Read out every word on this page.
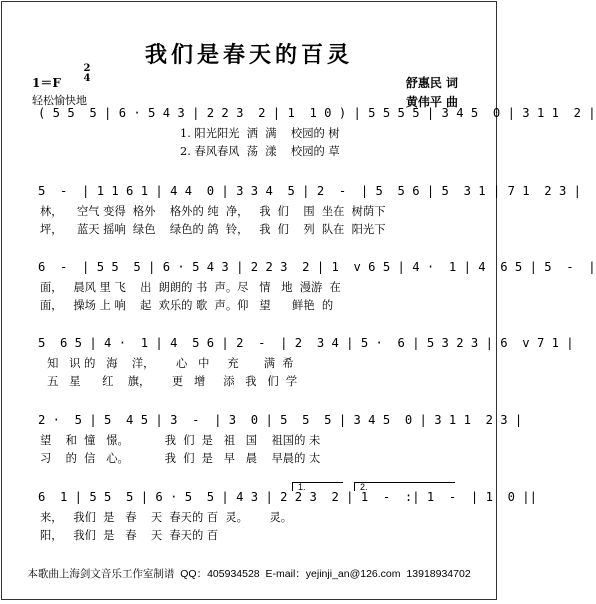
我们是春天的百灵
1＝F
2
4
轻松愉快地
舒惠民 词
黄伟平 曲
( 5 5  5 | 6 · 5 4 3 | 2 2 3  2 | 1  1 0 ) | 5 5 5 5 | 3 4 5  0 | 3 1 1  2 |
1. 阳光阳光  洒  满    校园的 树
2. 春风春风  荡  漾    校园的 草
5  -  | 1 1 6 1 | 4 4  0 | 3 3 4  5 | 2  -  | 5  5 6 | 5  3 1 | 7 1  2 3 |
林，    空气 变得  格外    格外的 纯  净，   我  们    围  坐在  树荫下
坪，    蓝天 摇响  绿色    绿色的 鸽  铃，   我  们    列  队在  阳光下
6  -  | 5 5  5 | 6 · 5 4 3 | 2 2 3  2 | 1  v 6 5 | 4 ·  1 | 4  6 5 | 5  -  |
面，   晨风 里 飞    出  朗朗的 书  声。尽   情   地  漫游  在
面，   操场 上 响    起  欢乐的 歌  声。仰   望      鲜艳  的
5  6 5 | 4 ·  1 | 4  5 6 | 2  -  | 2  3 4 | 5 ·  6 | 5 3 2 3 | 6  v 7 1 |
知   识 的   海    洋，      心   中     充       满  希
五   星      红    旗，      更   增     添   我   们  学
2 ·  5 | 5  4 5 | 3  -  | 3  0 | 5  5  5 | 3 4 5  0 | 3 1 1  2 3 |
望    和  憧   憬。          我  们  是   祖   国    祖国的 未
习    的  信   心。          我  们  是   早   晨    早晨的 太
1.	2.
6  1 | 5 5  5 | 6 · 5  5 | 4 3 | 2 2 3  2 | 1  -  :| 1  -  | 1  0 ||
来，   我们  是   春    天  春天的 百  灵。      灵。
阳，   我们  是   春    天  春天的 百
本歌曲上海剑文音乐工作室制谱 QQ：405934528 E-mail：yejinji_an@126.com 13918934702
